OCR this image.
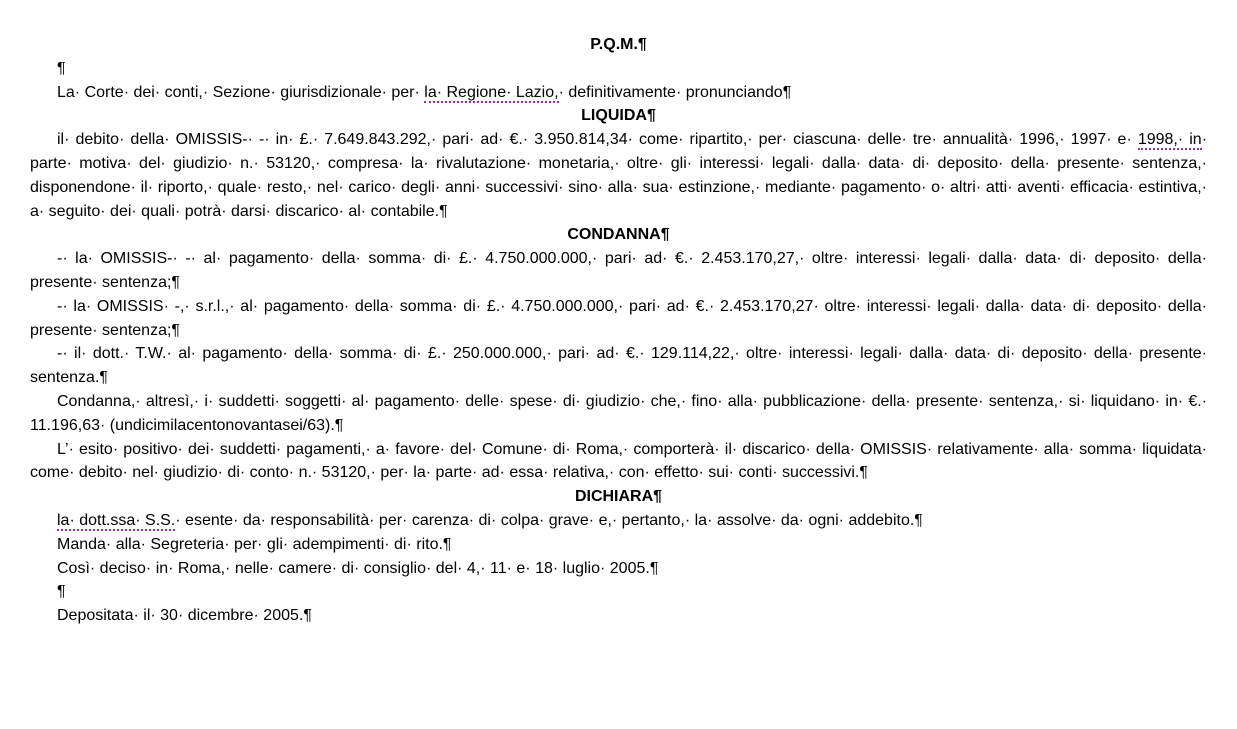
P.Q.M.¶

¶

La· Corte· dei· conti,· Sezione· giurisdizionale· per· la· Regione· Lazio,· definitivamente· pronunciando¶

LIQUIDA¶

il· debito· della· OMISSIS-· -· in· £.· 7.649.843.292,· pari· ad· €.· 3.950.814,34· come· ripartito,· per· ciascuna· delle· tre· annualità· 1996,· 1997· e· 1998,· in· parte· motiva· del· giudizio· n.· 53120,· compresa· la· rivalutazione· monetaria,· oltre· gli· interessi· legali· dalla· data· di· deposito· della· presente· sentenza,· disponendone· il· riporto,· quale· resto,· nel· carico· degli· anni· successivi· sino· alla· sua· estinzione,· mediante· pagamento· o· altri· atti· aventi· efficacia· estintiva,· a· seguito· dei· quali· potrà· darsi· discarico· al· contabile.¶

CONDANNA¶

-· la· OMISSIS-· -· al· pagamento· della· somma· di· £.· 4.750.000.000,· pari· ad· €.· 2.453.170,27,· oltre· interessi· legali· dalla· data· di· deposito· della· presente· sentenza;¶

-· la· OMISSIS· -,· s.r.l.,· al· pagamento· della· somma· di· £.· 4.750.000.000,· pari· ad· €.· 2.453.170,27· oltre· interessi· legali· dalla· data· di· deposito· della· presente· sentenza;¶

-· il· dott.· T.W.· al· pagamento· della· somma· di· £.· 250.000.000,· pari· ad· €.· 129.114,22,· oltre· interessi· legali· dalla· data· di· deposito· della· presente· sentenza.¶

Condanna,· altresì,· i· suddetti· soggetti· al· pagamento· delle· spese· di· giudizio· che,· fino· alla· pubblicazione· della· presente· sentenza,· si· liquidano· in· €.· 11.196,63· (undicimilacentonovantasei/63).¶

L’· esito· positivo· dei· suddetti· pagamenti,· a· favore· del· Comune· di· Roma,· comporterà· il· discarico· della· OMISSIS· relativamente· alla· somma· liquidata· come· debito· nel· giudizio· di· conto· n.· 53120,· per· la· parte· ad· essa· relativa,· con· effetto· sui· conti· successivi.¶

DICHIARA¶

la· dott.ssa· S.S.· esente· da· responsabilità· per· carenza· di· colpa· grave· e,· pertanto,· la· assolve· da· ogni· addebito.¶

Manda· alla· Segreteria· per· gli· adempimenti· di· rito.¶

Così· deciso· in· Roma,· nelle· camere· di· consiglio· del· 4,· 11· e· 18· luglio· 2005.¶

¶

Depositata· il· 30· dicembre· 2005.¶
